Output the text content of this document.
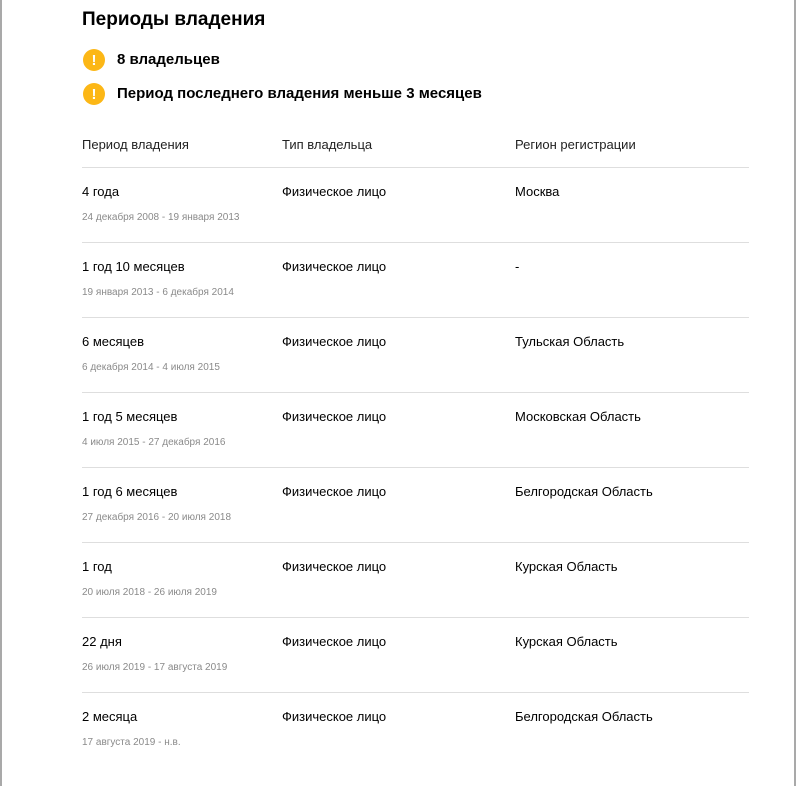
Периоды владения
!	8 владельцев
!	Период последнего владения меньше 3 месяцев
Период владения	Тип владельца	Регион регистрации
4 года
24 декабря 2008 - 19 января 2013
Физическое лицо	Москва
1 год 10 месяцев
19 января 2013 - 6 декабря 2014
Физическое лицо	-
6 месяцев
6 декабря 2014 - 4 июля 2015
Физическое лицо	Тульская Область
1 год 5 месяцев
4 июля 2015 - 27 декабря 2016
Физическое лицо	Московская Область
1 год 6 месяцев
27 декабря 2016 - 20 июля 2018
Физическое лицо	Белгородская Область
1 год
20 июля 2018 - 26 июля 2019
Физическое лицо	Курская Область
22 дня
26 июля 2019 - 17 августа 2019
Физическое лицо	Курская Область
2 месяца
17 августа 2019 - н.в.
Физическое лицо	Белгородская Область
